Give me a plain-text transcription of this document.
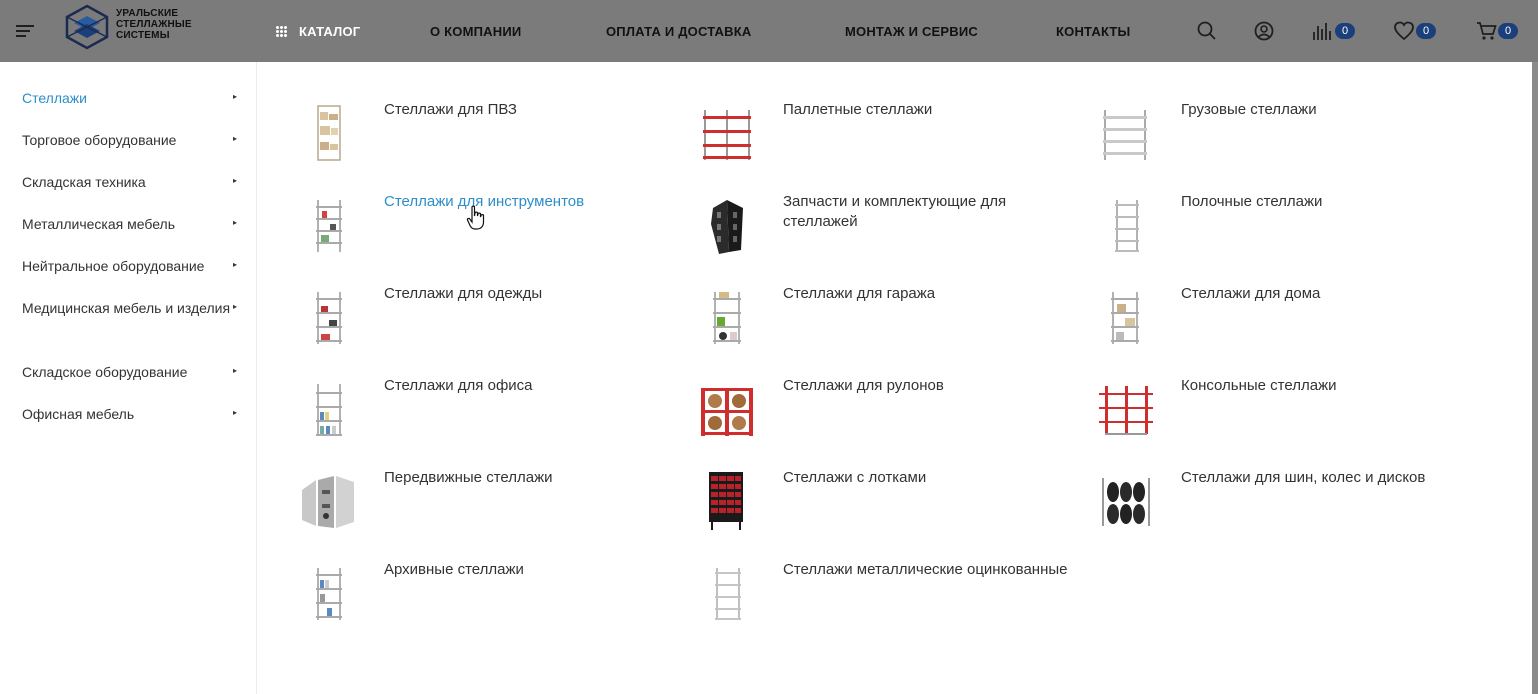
УРАЛЬСКИЕ
СТЕЛЛАЖНЫЕ
СИСТЕМЫ	КАТАЛОГ	О КОМПАНИИ	ОПЛАТА И ДОСТАВКА	МОНТАЖ И СЕРВИС	КОНТАКТЫ	0	0	0
Стеллажи	▸
Торговое оборудование	▸
Складская техника	▸
Металлическая мебель	▸
Нейтральное оборудование	▸
Медицинская мебель и изделия ▸
Складское оборудование	▸
Офисная мебель	▸
Стеллажи для ПВЗ	Паллетные стеллажи	Грузовые стеллажи
Стеллажи для инструментов	Запчасти и комплектующие для стеллажей
Полочные стеллажи
Стеллажи для одежды	Стеллажи для гаража	Стеллажи для дома
Стеллажи для офиса	Стеллажи для рулонов	Консольные стеллажи
Передвижные стеллажи	Стеллажи с лотками	Стеллажи для шин, колес и дисков
Архивные стеллажи	Стеллажи металлические оцинкованные
